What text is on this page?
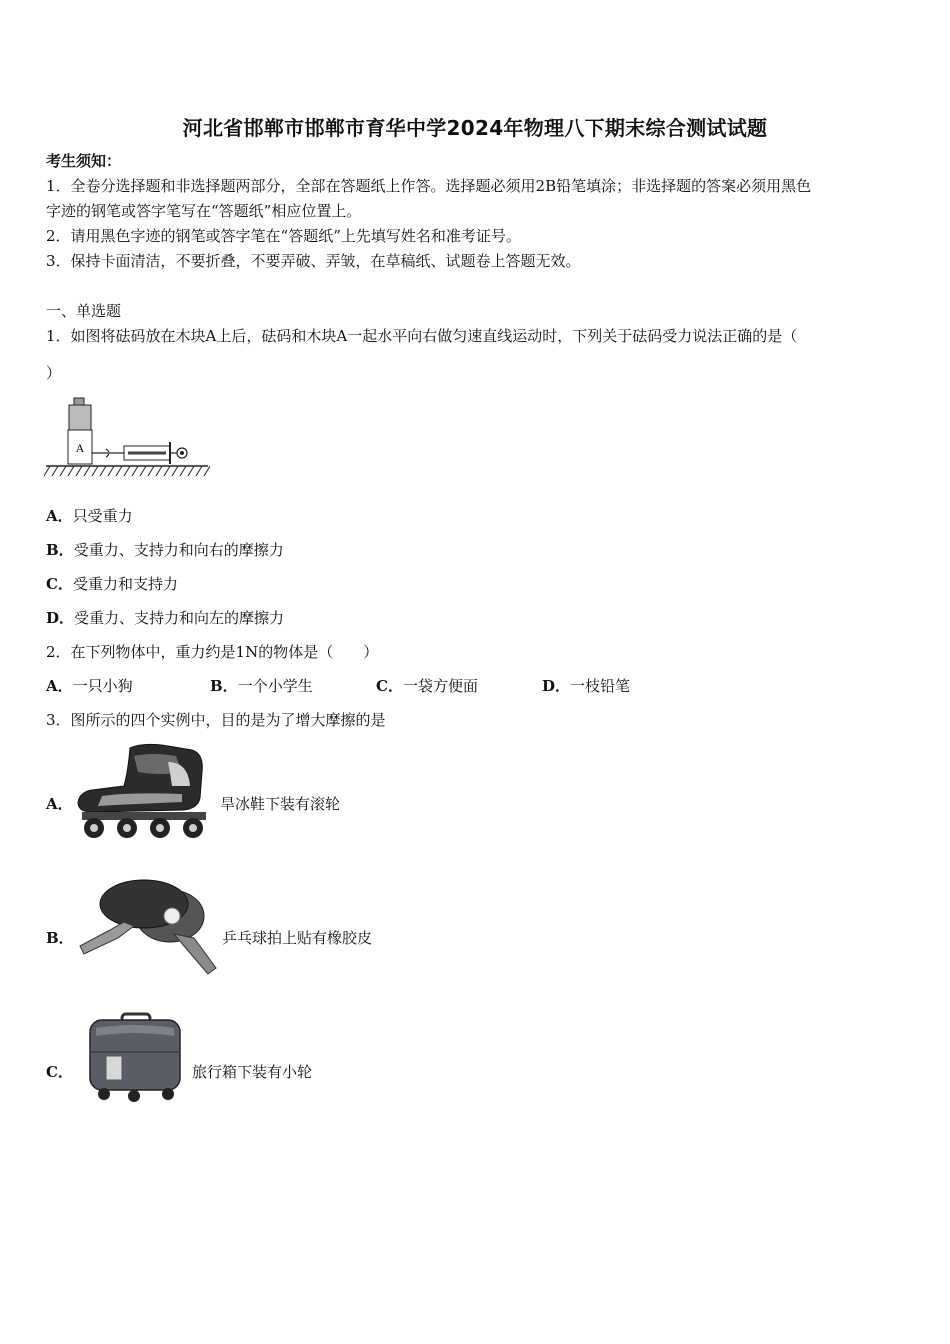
河北省邯郸市邯郸市育华中学2024年物理八下期末综合测试试题
考生须知：
1．全卷分选择题和非选择题两部分，全部在答题纸上作答。选择题必须用2B铅笔填涂；非选择题的答案必须用黑色
字迹的钢笔或答字笔写在“答题纸”相应位置上。
2．请用黑色字迹的钢笔或答字笔在“答题纸”上先填写姓名和准考证号。
3．保持卡面清洁，不要折叠，不要弄破、弄皱，在草稿纸、试题卷上答题无效。
一、单选题
1．如图将砝码放在木块A上后，砝码和木块A一起水平向右做匀速直线运动时，下列关于砝码受力说法正确的是（
）
A
A．只受重力
B．受重力、支持力和向右的摩擦力
C．受重力和支持力
D．受重力、支持力和向左的摩擦力
2．在下列物体中，重力约是1N的物体是（　　）
A．一只小狗	B．一个小学生	C．一袋方便面	D．一枝铅笔
3．图所示的四个实例中，目的是为了增大摩擦的是
A．	旱冰鞋下装有滚轮
B．	乒乓球拍上贴有橡胶皮
C．	旅行箱下装有小轮
